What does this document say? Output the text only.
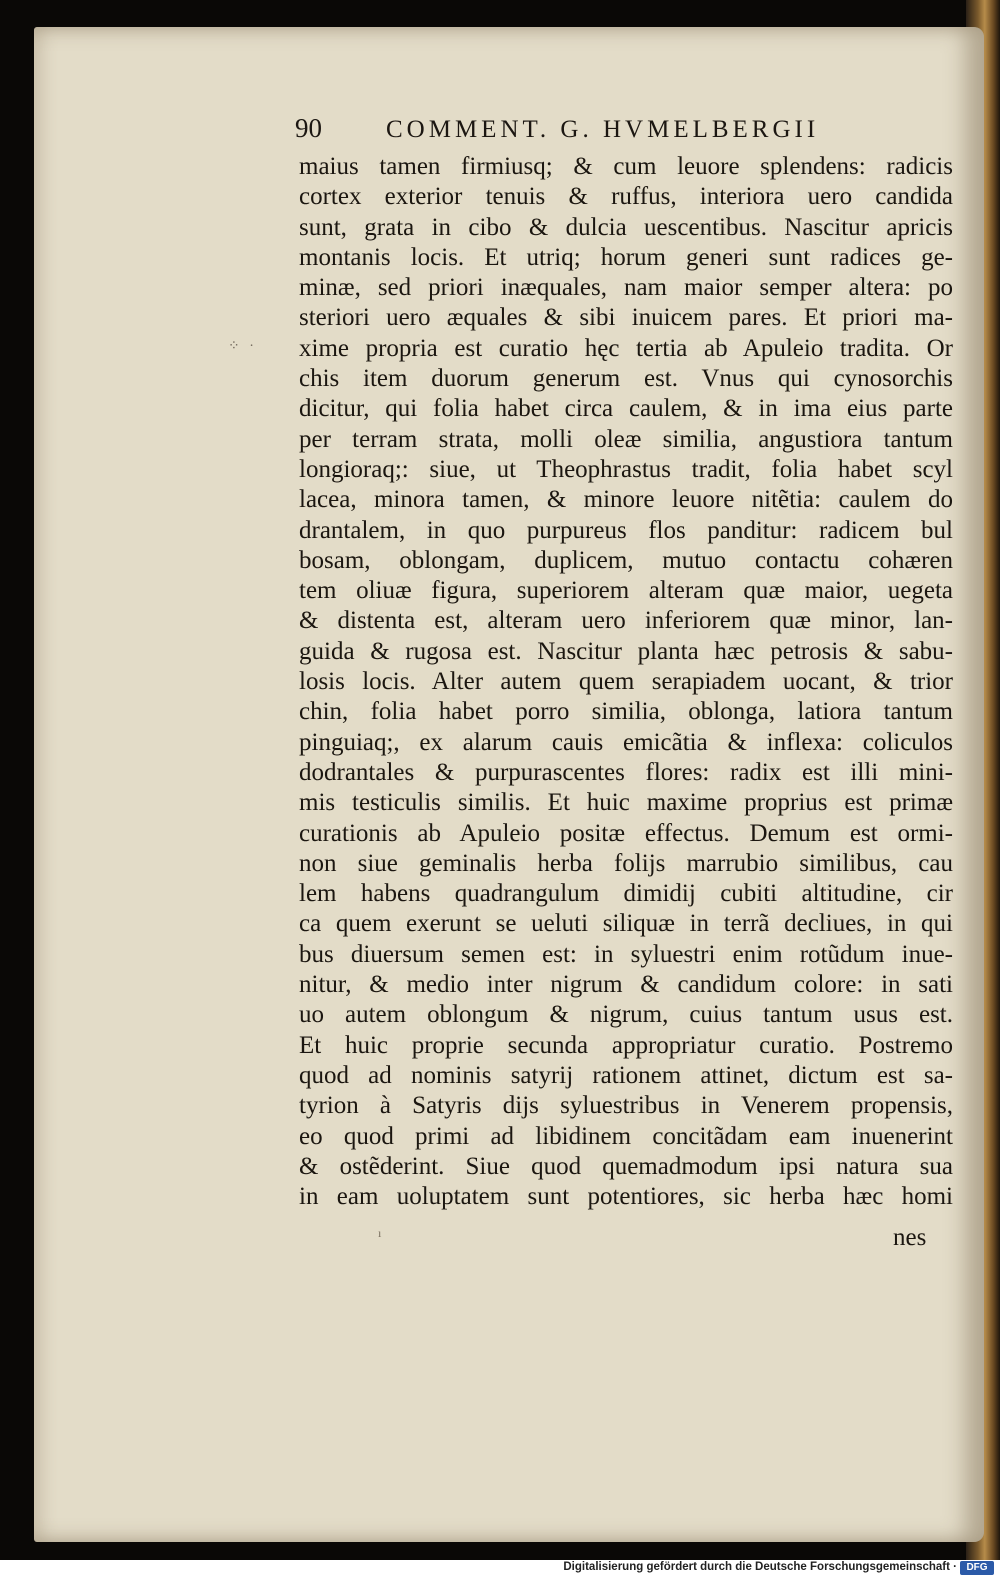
90	COMMENT. G. HVMELBERGII
⁘ ·
maius tamen firmiusq; & cum leuore splendens: radicis
cortex exterior tenuis & ruffus, interiora uero candida
sunt, grata in cibo & dulcia uescentibus. Nascitur apricis
montanis locis. Et utriq; horum generi sunt radices ge-
minæ, sed priori inæquales, nam maior semper altera: po
steriori uero æquales & sibi inuicem pares. Et priori ma-
xime propria est curatio hęc tertia ab Apuleio tradita. Or
chis item duorum generum est. Vnus qui cynosorchis
dicitur, qui folia habet circa caulem, & in ima eius parte
per terram strata, molli oleæ similia, angustiora tantum
longioraq;: siue, ut Theophrastus tradit, folia habet scyl
lacea, minora tamen, & minore leuore nitẽtia: caulem do
drantalem, in quo purpureus flos panditur: radicem bul
bosam, oblongam, duplicem, mutuo contactu cohæren
tem oliuæ figura, superiorem alteram quæ maior, uegeta
& distenta est, alteram uero inferiorem quæ minor, lan-
guida & rugosa est. Nascitur planta hæc petrosis & sabu-
losis locis. Alter autem quem serapiadem uocant, & trior
chin, folia habet porro similia, oblonga, latiora tantum
pinguiaq;, ex alarum cauis emicãtia & inflexa: coliculos
dodrantales & purpurascentes flores: radix est illi mini-
mis testiculis similis. Et huic maxime proprius est primæ
curationis ab Apuleio positæ effectus. Demum est ormi-
non siue geminalis herba folijs marrubio similibus, cau
lem habens quadrangulum dimidij cubiti altitudine, cir
ca quem exerunt se ueluti siliquæ in terrã decliues, in qui
bus diuersum semen est: in syluestri enim rotũdum inue-
nitur, & medio inter nigrum & candidum colore: in sati
uo autem oblongum & nigrum, cuius tantum usus est.
Et huic proprie secunda appropriatur curatio. Postremo
quod ad nominis satyrij rationem attinet, dictum est sa-
tyrion à Satyris dijs syluestribus in Venerem propensis,
eo quod primi ad libidinem concitãdam eam inuenerint
& ostẽderint. Siue quod quemadmodum ipsi natura sua
in eam uoluptatem sunt potentiores, sic herba hæc homi
ı	nes
Digitalisierung gefördert durch die Deutsche Forschungsgemeinschaft · DFG
